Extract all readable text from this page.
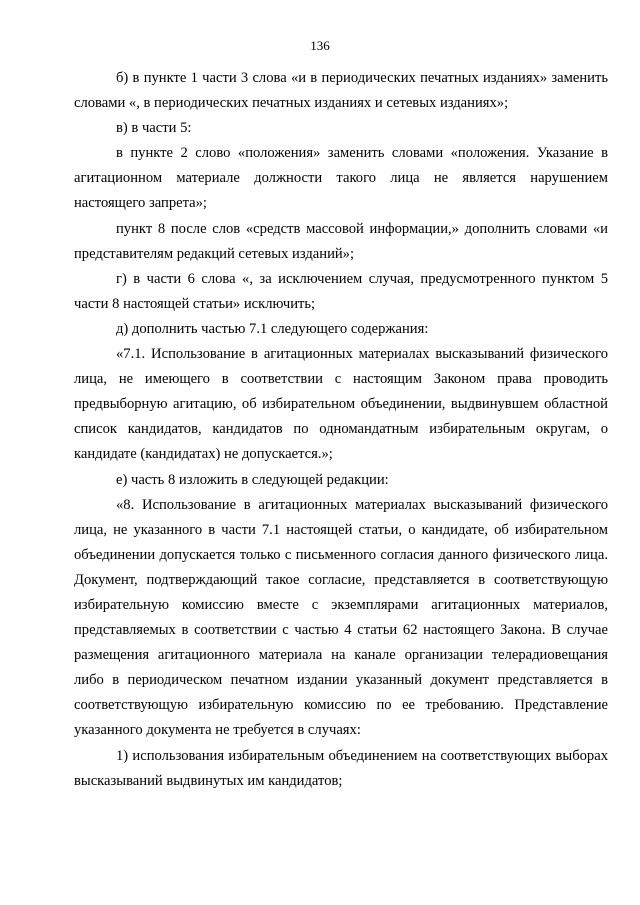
136

б) в пункте 1 части 3 слова «и в периодических печатных изданиях» заменить словами «, в периодических печатных изданиях и сетевых изданиях»;

в) в части 5:

в пункте 2 слово «положения» заменить словами «положения. Указание в агитационном материале должности такого лица не является нарушением настоящего запрета»;

пункт 8 после слов «средств массовой информации,» дополнить словами «и представителям редакций сетевых изданий»;

г) в части 6 слова «, за исключением случая, предусмотренного пунктом 5 части 8 настоящей статьи» исключить;

д) дополнить частью 7.1 следующего содержания:

«7.1. Использование в агитационных материалах высказываний физического лица, не имеющего в соответствии с настоящим Законом права проводить предвыборную агитацию, об избирательном объединении, выдвинувшем областной список кандидатов, кандидатов по одномандатным избирательным округам, о кандидате (кандидатах) не допускается.»;

е) часть 8 изложить в следующей редакции:

«8. Использование в агитационных материалах высказываний физического лица, не указанного в части 7.1 настоящей статьи, о кандидате, об избирательном объединении допускается только с письменного согласия данного физического лица. Документ, подтверждающий такое согласие, представляется в соответствующую избирательную комиссию вместе с экземплярами агитационных материалов, представляемых в соответствии с частью 4 статьи 62 настоящего Закона. В случае размещения агитационного материала на канале организации телерадиовещания либо в периодическом печатном издании указанный документ представляется в соответствующую избирательную комиссию по ее требованию. Представление указанного документа не требуется в случаях:

1) использования избирательным объединением на соответствующих выборах высказываний выдвинутых им кандидатов;
